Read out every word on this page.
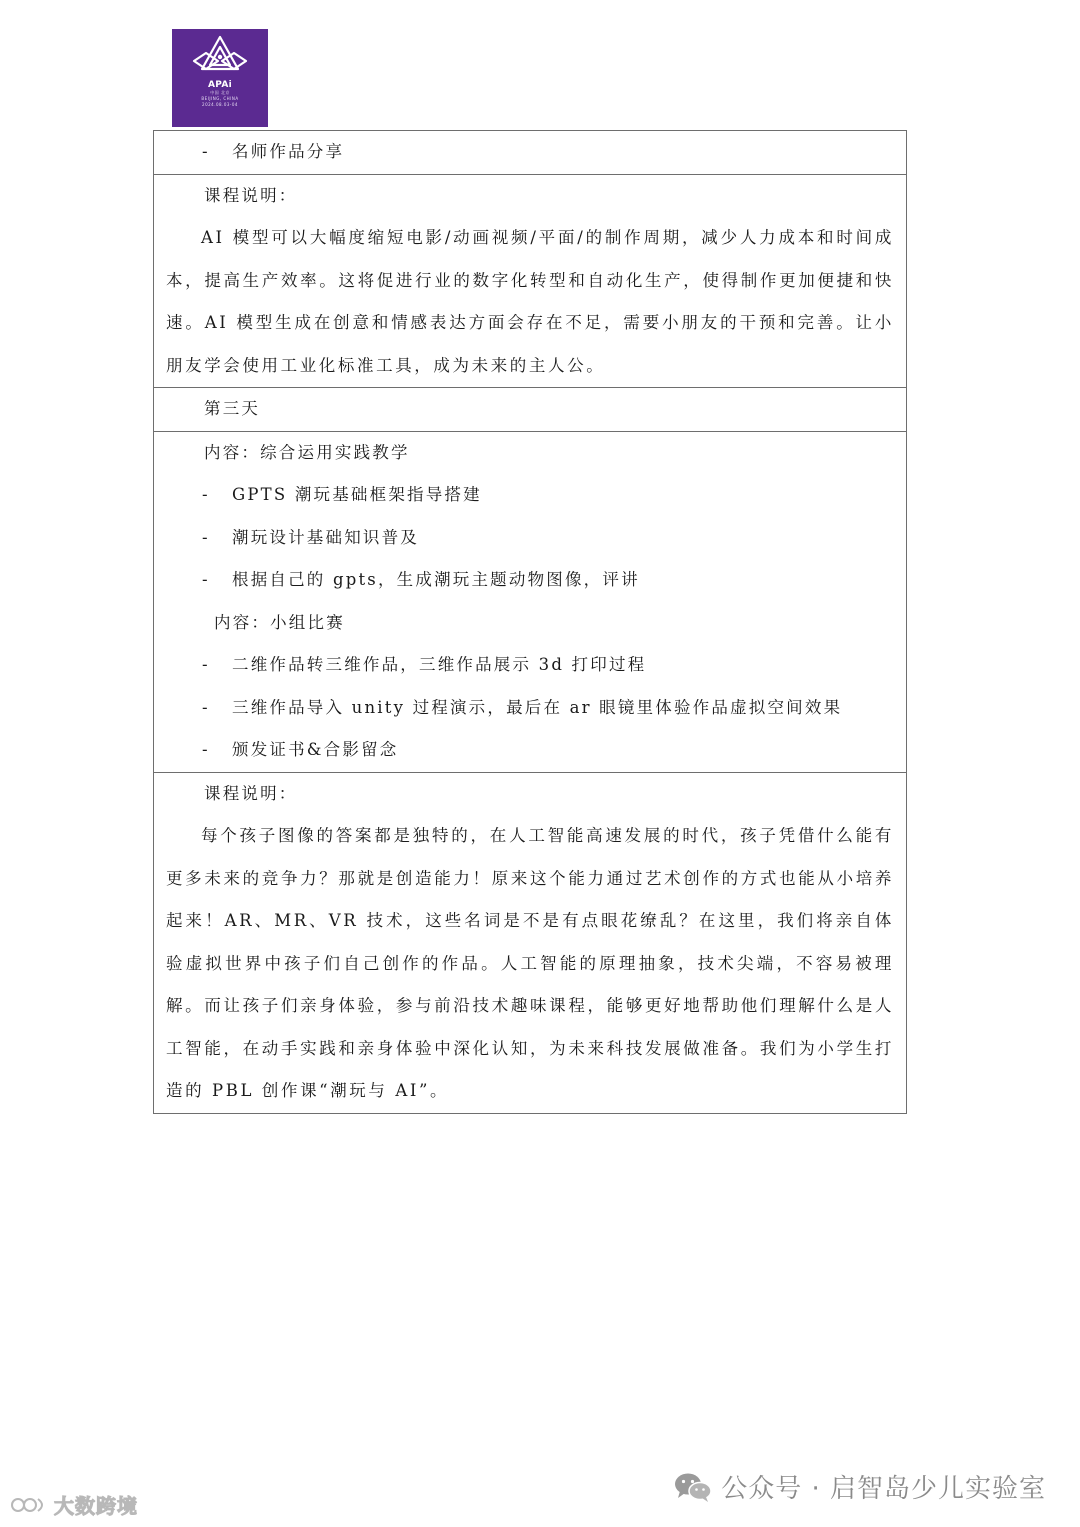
APAi
中国 北京
BEIJING, CHINA
2024.08.03-04
- 名师作品分享

课程说明：
AI 模型可以大幅度缩短电影/动画视频/平面/的制作周期，减少人力成本和时间成本，提高生产效率。这将促进行业的数字化转型和自动化生产，使得制作更加便捷和快速。AI 模型生成在创意和情感表达方面会存在不足，需要小朋友的干预和完善。让小朋友学会使用工业化标准工具，成为未来的主人公。

第三天

内容：综合运用实践教学
- GPTS 潮玩基础框架指导搭建
- 潮玩设计基础知识普及
- 根据自己的 gpts，生成潮玩主题动物图像，评讲
内容：小组比赛
- 二维作品转三维作品，三维作品展示 3d 打印过程
- 三维作品导入 unity 过程演示，最后在 ar 眼镜里体验作品虚拟空间效果
- 颁发证书&合影留念

课程说明：
每个孩子图像的答案都是独特的，在人工智能高速发展的时代，孩子凭借什么能有更多未来的竞争力？那就是创造能力！原来这个能力通过艺术创作的方式也能从小培养起来！AR、MR、VR 技术，这些名词是不是有点眼花缭乱？在这里，我们将亲自体验虚拟世界中孩子们自己创作的作品。人工智能的原理抽象，技术尖端，不容易被理解。而让孩子们亲身体验，参与前沿技术趣味课程，能够更好地帮助他们理解什么是人工智能，在动手实践和亲身体验中深化认知，为未来科技发展做准备。我们为小学生打造的 PBL 创作课“潮玩与 AI”。
公众号 · 启智岛少儿实验室
大数跨境
